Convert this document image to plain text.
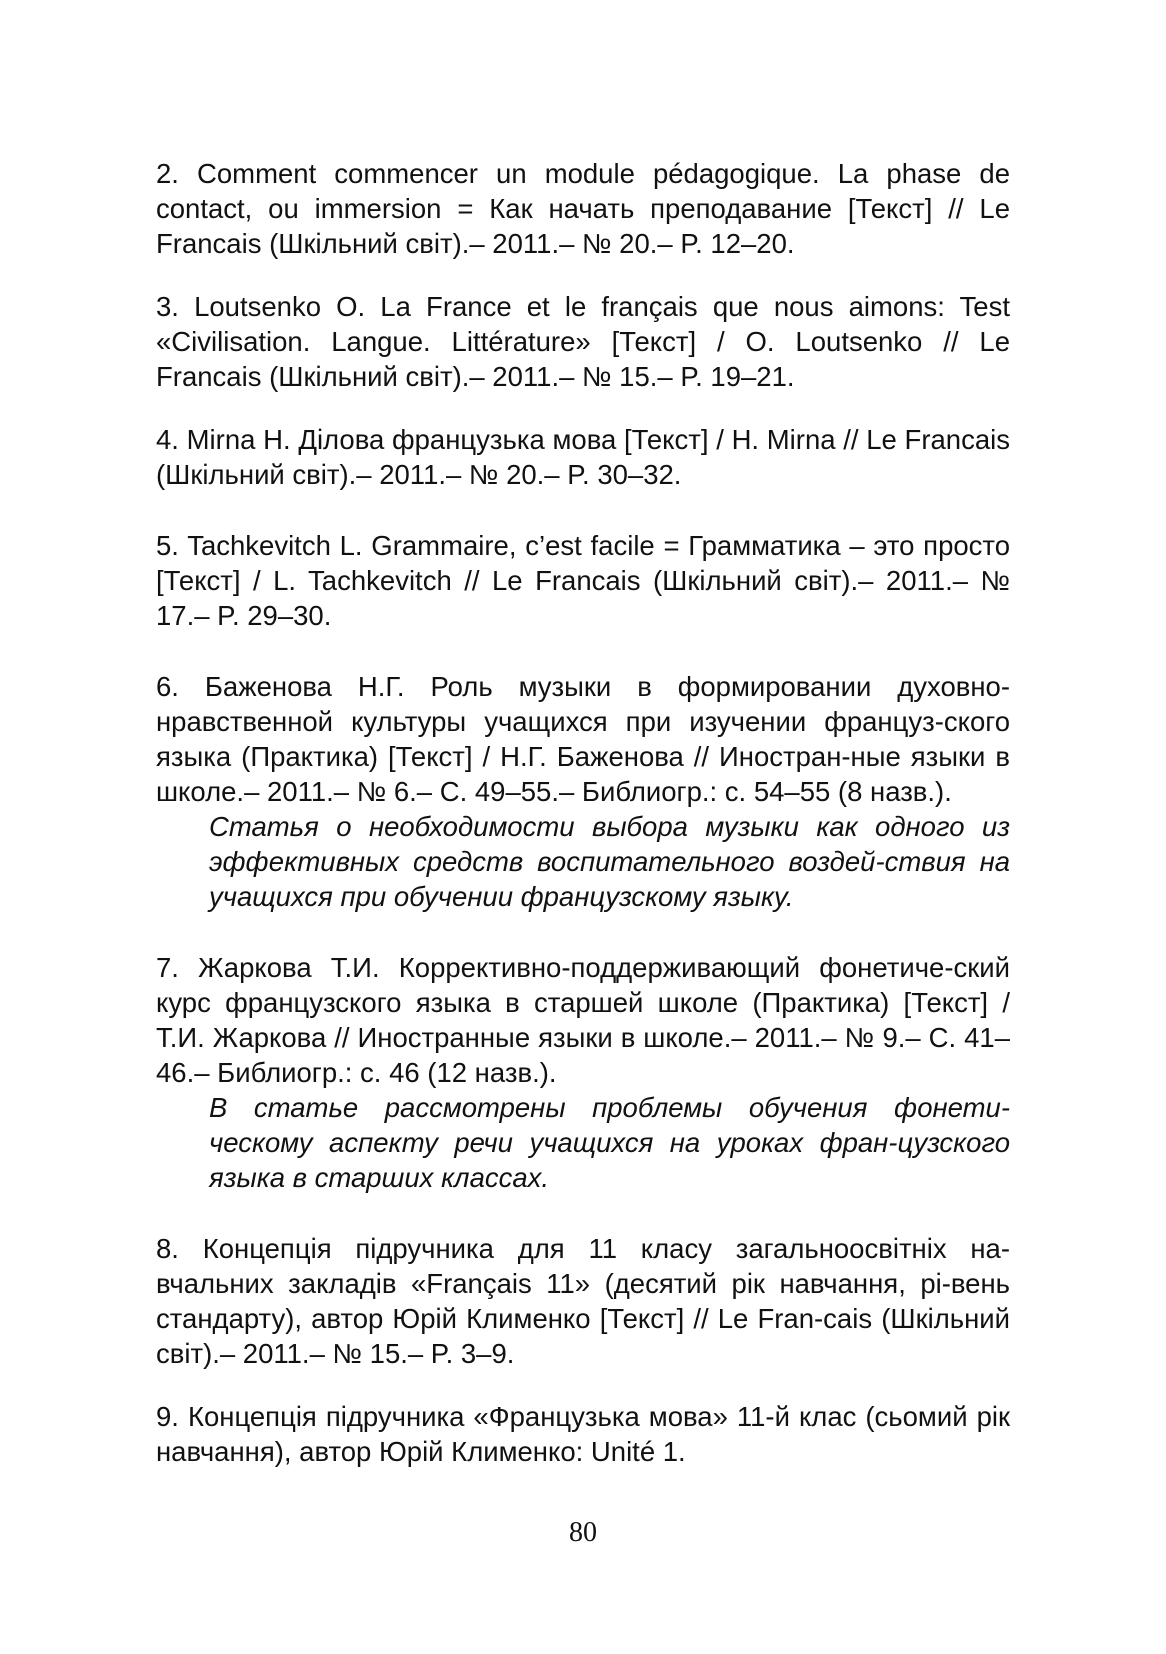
2. Comment commencer un module pédagogique. La phase de contact, ou immersion = Как начать преподавание [Текст] // Le Francais (Шкільний світ).– 2011.– № 20.– P. 12–20.

3. Loutsenko O. La France et le français que nous aimons: Test «Civilisation. Langue. Littérature» [Текст] / O. Loutsenko // Le Francais (Шкільний світ).– 2011.– № 15.– P. 19–21.

4. Mirna H. Ділова французька мова [Текст] / H. Mirna // Le Francais (Шкільний світ).– 2011.– № 20.– P. 30–32.

5. Tachkevitch L. Grammaire, c’est facile = Грамматика – это просто [Текст] / L. Tachkevitch // Le Francais (Шкільний світ).– 2011.– № 17.– P. 29–30.

6. Баженова Н.Г. Роль музыки в формировании духовно-нравственной культуры учащихся при изучении француз-ского языка (Практика) [Текст] / Н.Г. Баженова // Иностран-ные языки в школе.– 2011.– № 6.– С. 49–55.– Библиогр.: с. 54–55 (8 назв.).

Статья о необходимости выбора музыки как одного из эффективных средств воспитательного воздей-ствия на учащихся при обучении французскому языку.

7. Жаркова Т.И. Коррективно-поддерживающий фонетиче-ский курс французского языка в старшей школе (Практика) [Текст] / Т.И. Жаркова // Иностранные языки в школе.– 2011.– № 9.– С. 41–46.– Библиогр.: с. 46 (12 назв.).

В статье рассмотрены проблемы обучения фонети-ческому аспекту речи учащихся на уроках фран-цузского языка в старших классах.

8. Концепція підручника для 11 класу загальноосвітніх на-вчальних закладів «Français 11» (десятий рік навчання, рі-вень стандарту), автор Юрій Клименко [Текст] // Le Fran-cais (Шкільний світ).– 2011.– № 15.– P. 3–9.

9. Концепція підручника «Французька мова» 11-й клас (сьомий рік навчання), автор Юрій Клименко: Unité 1.

80
